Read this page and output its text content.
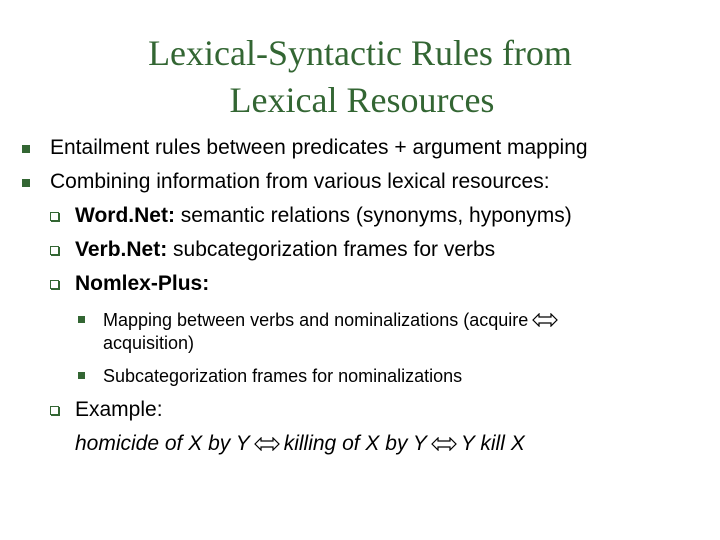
Lexical-Syntactic Rules from
Lexical Resources
Entailment rules between predicates + argument mapping
Combining information from various lexical resources:
Word.Net: semantic relations (synonyms, hyponyms)
Verb.Net: subcategorization frames for verbs
Nomlex-Plus:
Mapping between verbs and nominalizations (acquire
acquisition)
Subcategorization frames for nominalizations
Example:
homicide of X by Y killing of X by Y Y kill X
